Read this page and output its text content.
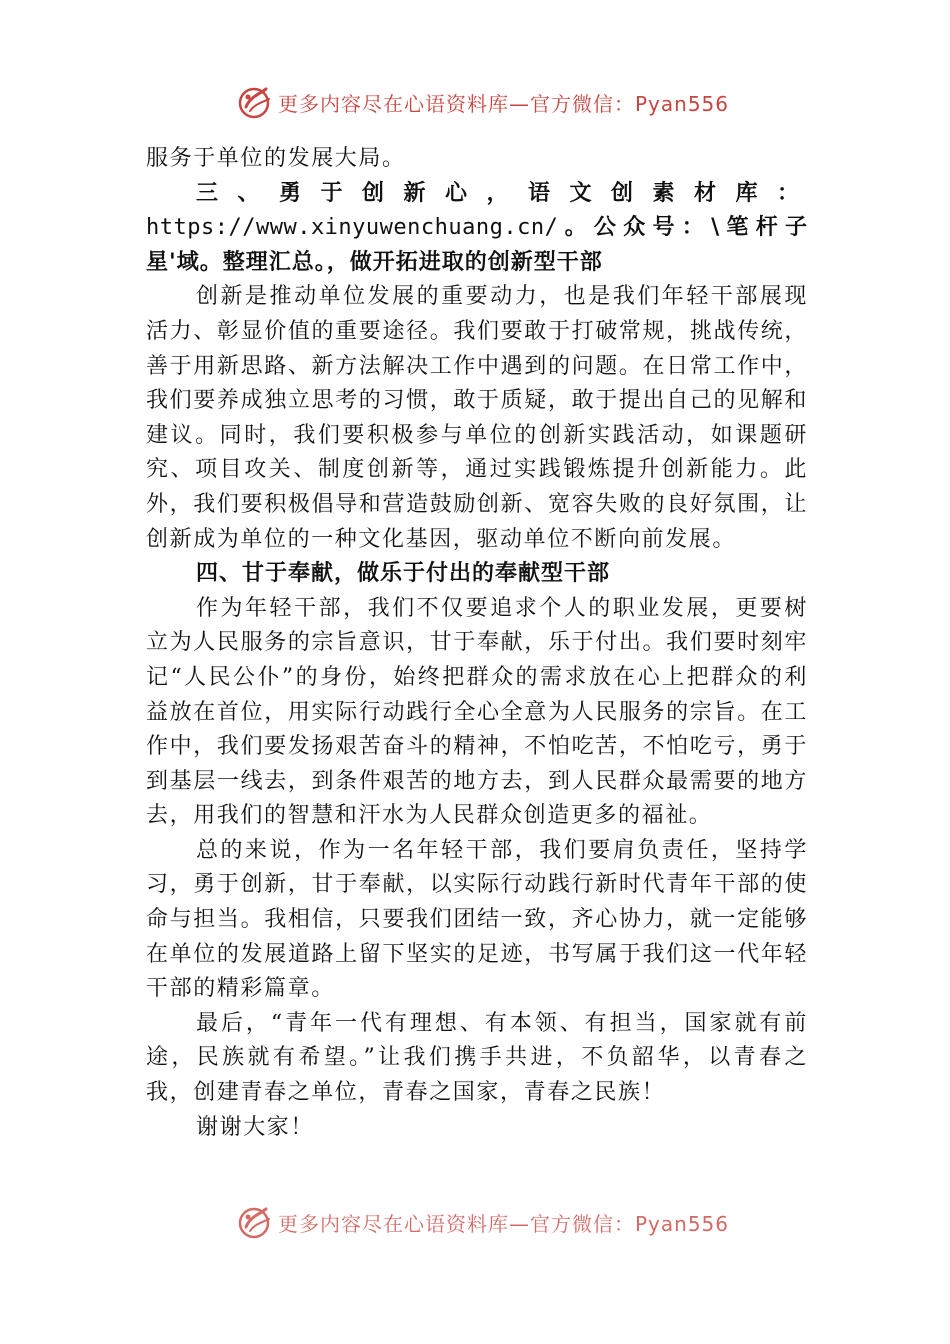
更多内容尽在心语资料库—官方微信：Pyan556

服务于单位的发展大局。

三、勇于创新心，语文创素材库：https://www.xinyuwenchuang.cn/。公众号：\笔杆子星'域。整理汇总。，做开拓进取的创新型干部

创新是推动单位发展的重要动力，也是我们年轻干部展现活力、彰显价值的重要途径。我们要敢于打破常规，挑战传统，善于用新思路、新方法解决工作中遇到的问题。在日常工作中，我们要养成独立思考的习惯，敢于质疑，敢于提出自己的见解和建议。同时，我们要积极参与单位的创新实践活动，如课题研究、项目攻关、制度创新等，通过实践锻炼提升创新能力。此外，我们要积极倡导和营造鼓励创新、宽容失败的良好氛围，让创新成为单位的一种文化基因，驱动单位不断向前发展。

四、甘于奉献，做乐于付出的奉献型干部

作为年轻干部，我们不仅要追求个人的职业发展，更要树立为人民服务的宗旨意识，甘于奉献，乐于付出。我们要时刻牢记“人民公仆”的身份，始终把群众的需求放在心上把群众的利益放在首位，用实际行动践行全心全意为人民服务的宗旨。在工作中，我们要发扬艰苦奋斗的精神，不怕吃苦，不怕吃亏，勇于到基层一线去，到条件艰苦的地方去，到人民群众最需要的地方去，用我们的智慧和汗水为人民群众创造更多的福祉。

总的来说，作为一名年轻干部，我们要肩负责任，坚持学习，勇于创新，甘于奉献，以实际行动践行新时代青年干部的使命与担当。我相信，只要我们团结一致，齐心协力，就一定能够在单位的发展道路上留下坚实的足迹，书写属于我们这一代年轻干部的精彩篇章。

最后，“青年一代有理想、有本领、有担当，国家就有前途，民族就有希望。”让我们携手共进，不负韶华，以青春之我，创建青春之单位，青春之国家，青春之民族！

谢谢大家！

更多内容尽在心语资料库—官方微信：Pyan556
